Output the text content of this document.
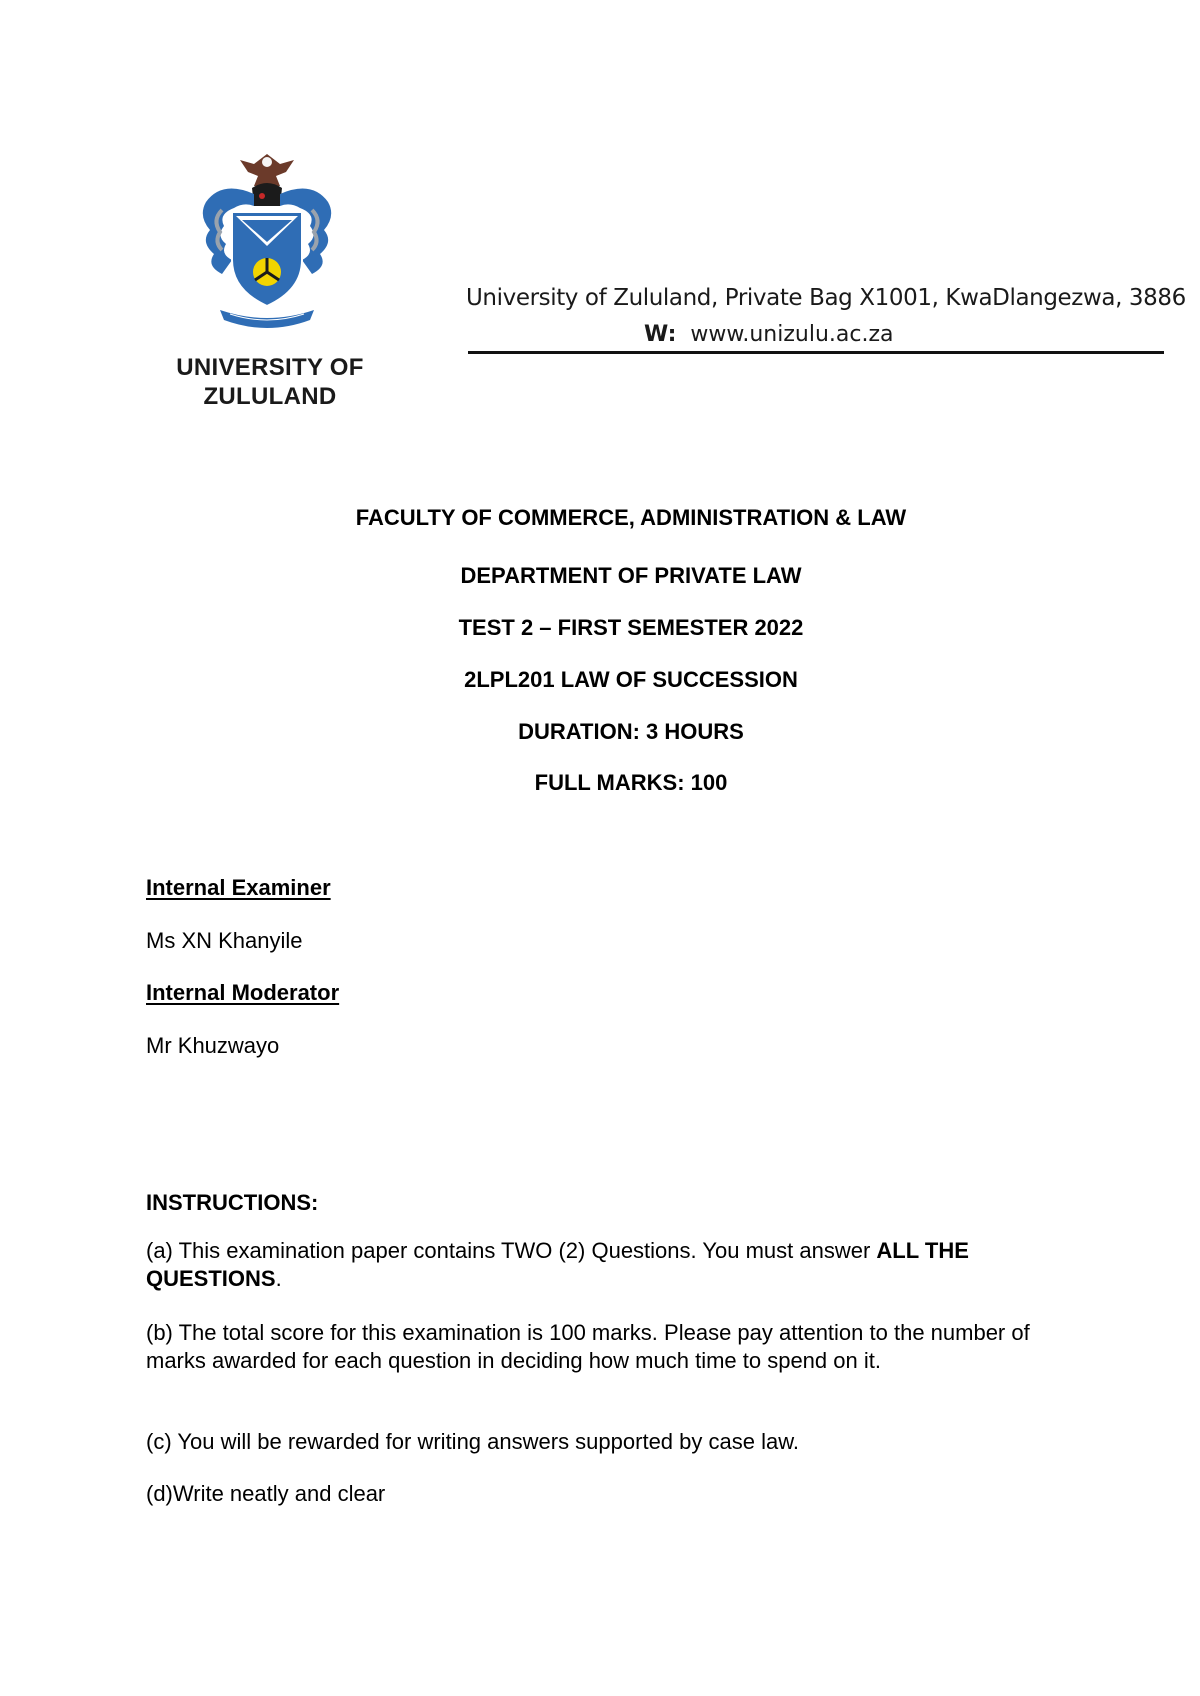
UNIVERSITY OF
ZULULAND
University of Zululand, Private Bag X1001, KwaDlangezwa, 3886
W: www.unizulu.ac.za
FACULTY OF COMMERCE, ADMINISTRATION & LAW
DEPARTMENT OF PRIVATE LAW
TEST 2 – FIRST SEMESTER 2022
2LPL201 LAW OF SUCCESSION
DURATION: 3 HOURS
FULL MARKS: 100
Internal Examiner
Ms XN Khanyile
Internal Moderator
Mr Khuzwayo
INSTRUCTIONS:
(a) This examination paper contains TWO (2) Questions. You must answer ALL THE QUESTIONS.
(b) The total score for this examination is 100 marks. Please pay attention to the number of marks awarded for each question in deciding how much time to spend on it.
(c) You will be rewarded for writing answers supported by case law.
(d)Write neatly and clear
